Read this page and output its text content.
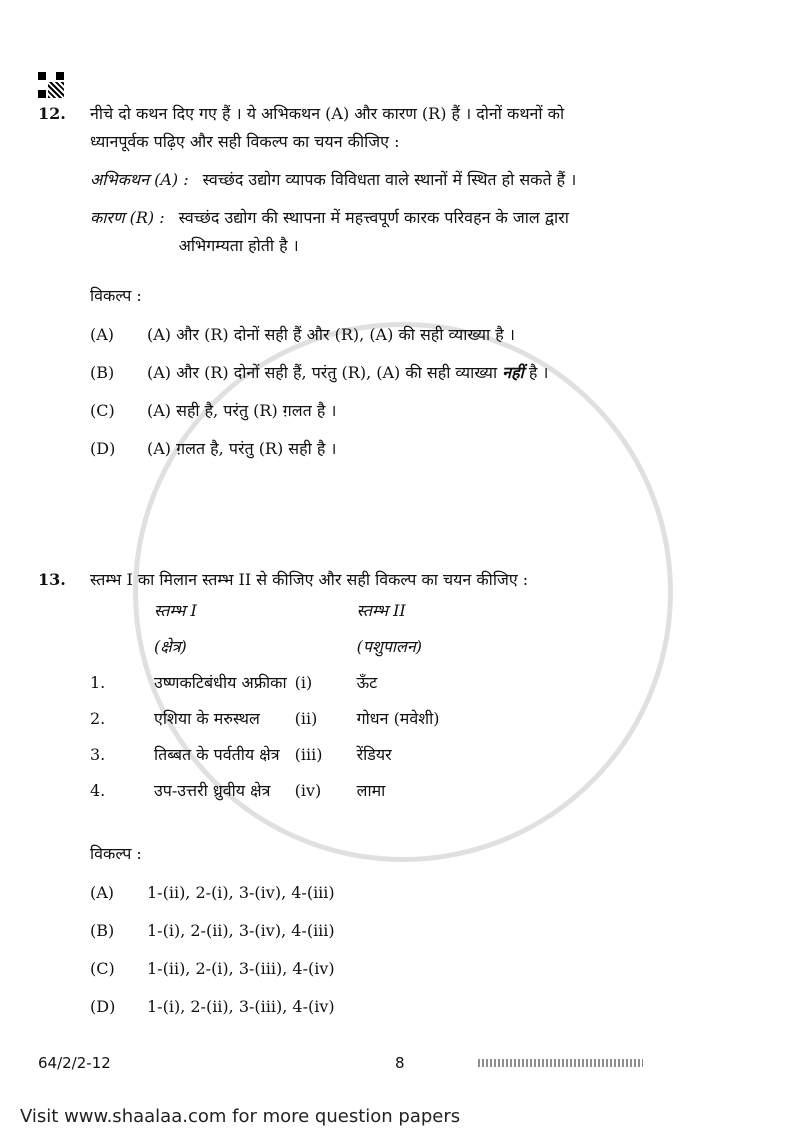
12.	नीचे दो कथन दिए गए हैं । ये अभिकथन (A) और कारण (R) हैं । दोनों कथनों को
ध्यानपूर्वक पढ़िए और सही विकल्प का चयन कीजिए :
अभिकथन (A) : स्वच्छंद उद्योग व्यापक विविधता वाले स्थानों में स्थित हो सकते हैं ।
कारण (R) : स्वच्छंद उद्योग की स्थापना में महत्त्वपूर्ण कारक परिवहन के जाल द्वारा
अभिगम्यता होती है ।
विकल्प :
(A)	(A) और (R) दोनों सही हैं और (R), (A) की सही व्याख्या है ।
(B)	(A) और (R) दोनों सही हैं, परंतु (R), (A) की सही व्याख्या नहीं है ।
(C)	(A) सही है, परंतु (R) ग़लत है ।
(D)	(A) ग़लत है, परंतु (R) सही है ।
13.	स्तम्भ I का मिलान स्तम्भ II से कीजिए और सही विकल्प का चयन कीजिए :
स्तम्भ I	स्तम्भ II
(क्षेत्र)	(पशुपालन)
1.	उष्णकटिबंधीय अफ्रीका (i)	ऊँट
2.	एशिया के मरुस्थल	(ii)	गोधन (मवेशी)
3.	तिब्बत के पर्वतीय क्षेत्र (iii)	रेंडियर
4.	उप-उत्तरी ध्रुवीय क्षेत्र	(iv)	लामा
विकल्प :
(A)	1-(ii), 2-(i), 3-(iv), 4-(iii)
(B)	1-(i), 2-(ii), 3-(iv), 4-(iii)
(C)	1-(ii), 2-(i), 3-(iii), 4-(iv)
(D)	1-(i), 2-(ii), 3-(iii), 4-(iv)
64/2/2-12	8
Visit www.shaalaa.com for more question papers
